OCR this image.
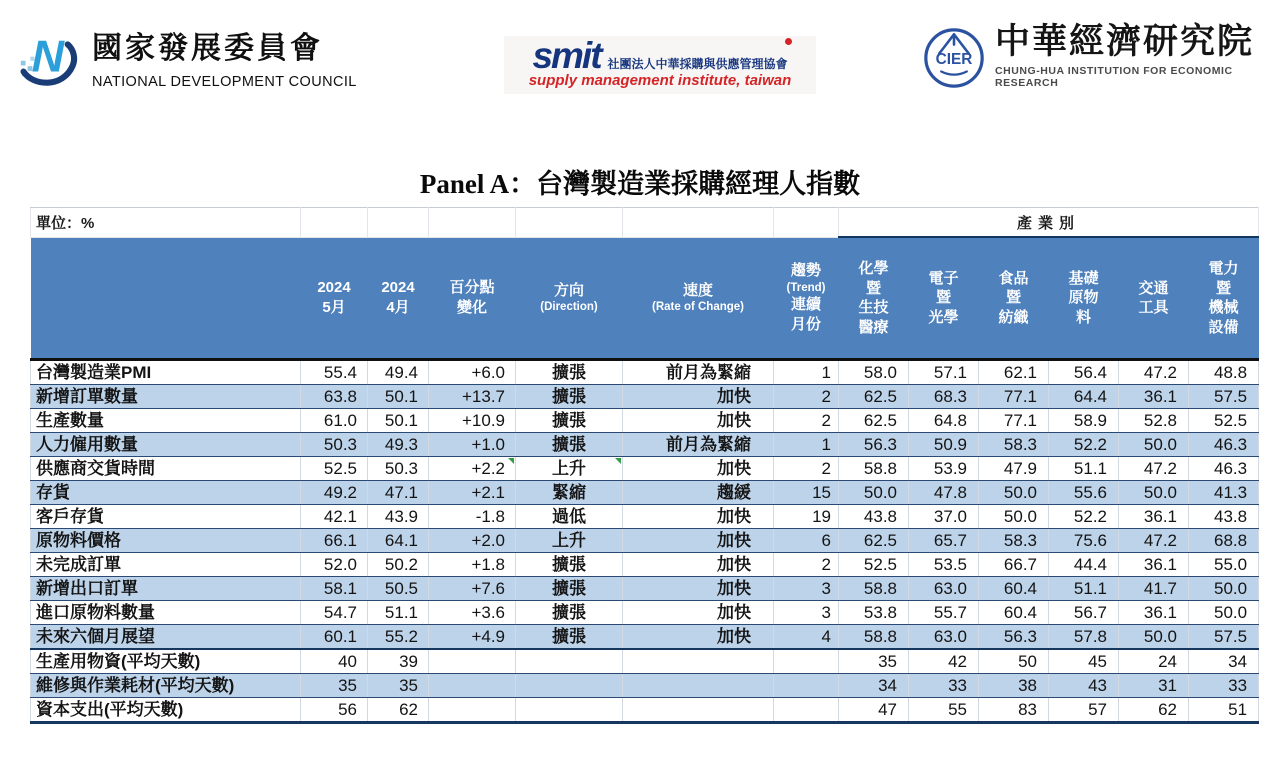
N 國家發展委員會
NATIONAL DEVELOPMENT COUNCIL
smit 社團法人中華採購與供應管理協會
supply management institute, taiwan
CIER 中華經濟研究院
CHUNG-HUA INSTITUTION FOR ECONOMIC RESEARCH
Panel A：台灣製造業採購經理人指數
單位：%							產業別					

	2024
5月	2024
4月	百分點
變化	方向
(Direction)	速度
(Rate of Change)	趨勢
(Trend)
連續
月份	化學
暨
生技
醫療	電子
暨
光學	食品
暨
紡織	基礎
原物
料	交通
工具	電力
暨
機械
設備

台灣製造業PMI	55.4	49.4	+6.0	擴張	前月為緊縮	1	58.0	57.1	62.1	56.4	47.2	48.8
新增訂單數量	63.8	50.1	+13.7	擴張	加快	2	62.5	68.3	77.1	64.4	36.1	57.5
生產數量	61.0	50.1	+10.9	擴張	加快	2	62.5	64.8	77.1	58.9	52.8	52.5
人力僱用數量	50.3	49.3	+1.0	擴張	前月為緊縮	1	56.3	50.9	58.3	52.2	50.0	46.3
供應商交貨時間	52.5	50.3	+2.2	上升	加快	2	58.8	53.9	47.9	51.1	47.2	46.3
存貨	49.2	47.1	+2.1	緊縮	趨緩	15	50.0	47.8	50.0	55.6	50.0	41.3
客戶存貨	42.1	43.9	-1.8	過低	加快	19	43.8	37.0	50.0	52.2	36.1	43.8
原物料價格	66.1	64.1	+2.0	上升	加快	6	62.5	65.7	58.3	75.6	47.2	68.8
未完成訂單	52.0	50.2	+1.8	擴張	加快	2	52.5	53.5	66.7	44.4	36.1	55.0
新增出口訂單	58.1	50.5	+7.6	擴張	加快	3	58.8	63.0	60.4	51.1	41.7	50.0
進口原物料數量	54.7	51.1	+3.6	擴張	加快	3	53.8	55.7	60.4	56.7	36.1	50.0
未來六個月展望	60.1	55.2	+4.9	擴張	加快	4	58.8	63.0	56.3	57.8	50.0	57.5
生產用物資(平均天數)	40	39					35	42	50	45	24	34
維修與作業耗材(平均天數)	35	35					34	33	38	43	31	33
資本支出(平均天數)	56	62					47	55	83	57	62	51
